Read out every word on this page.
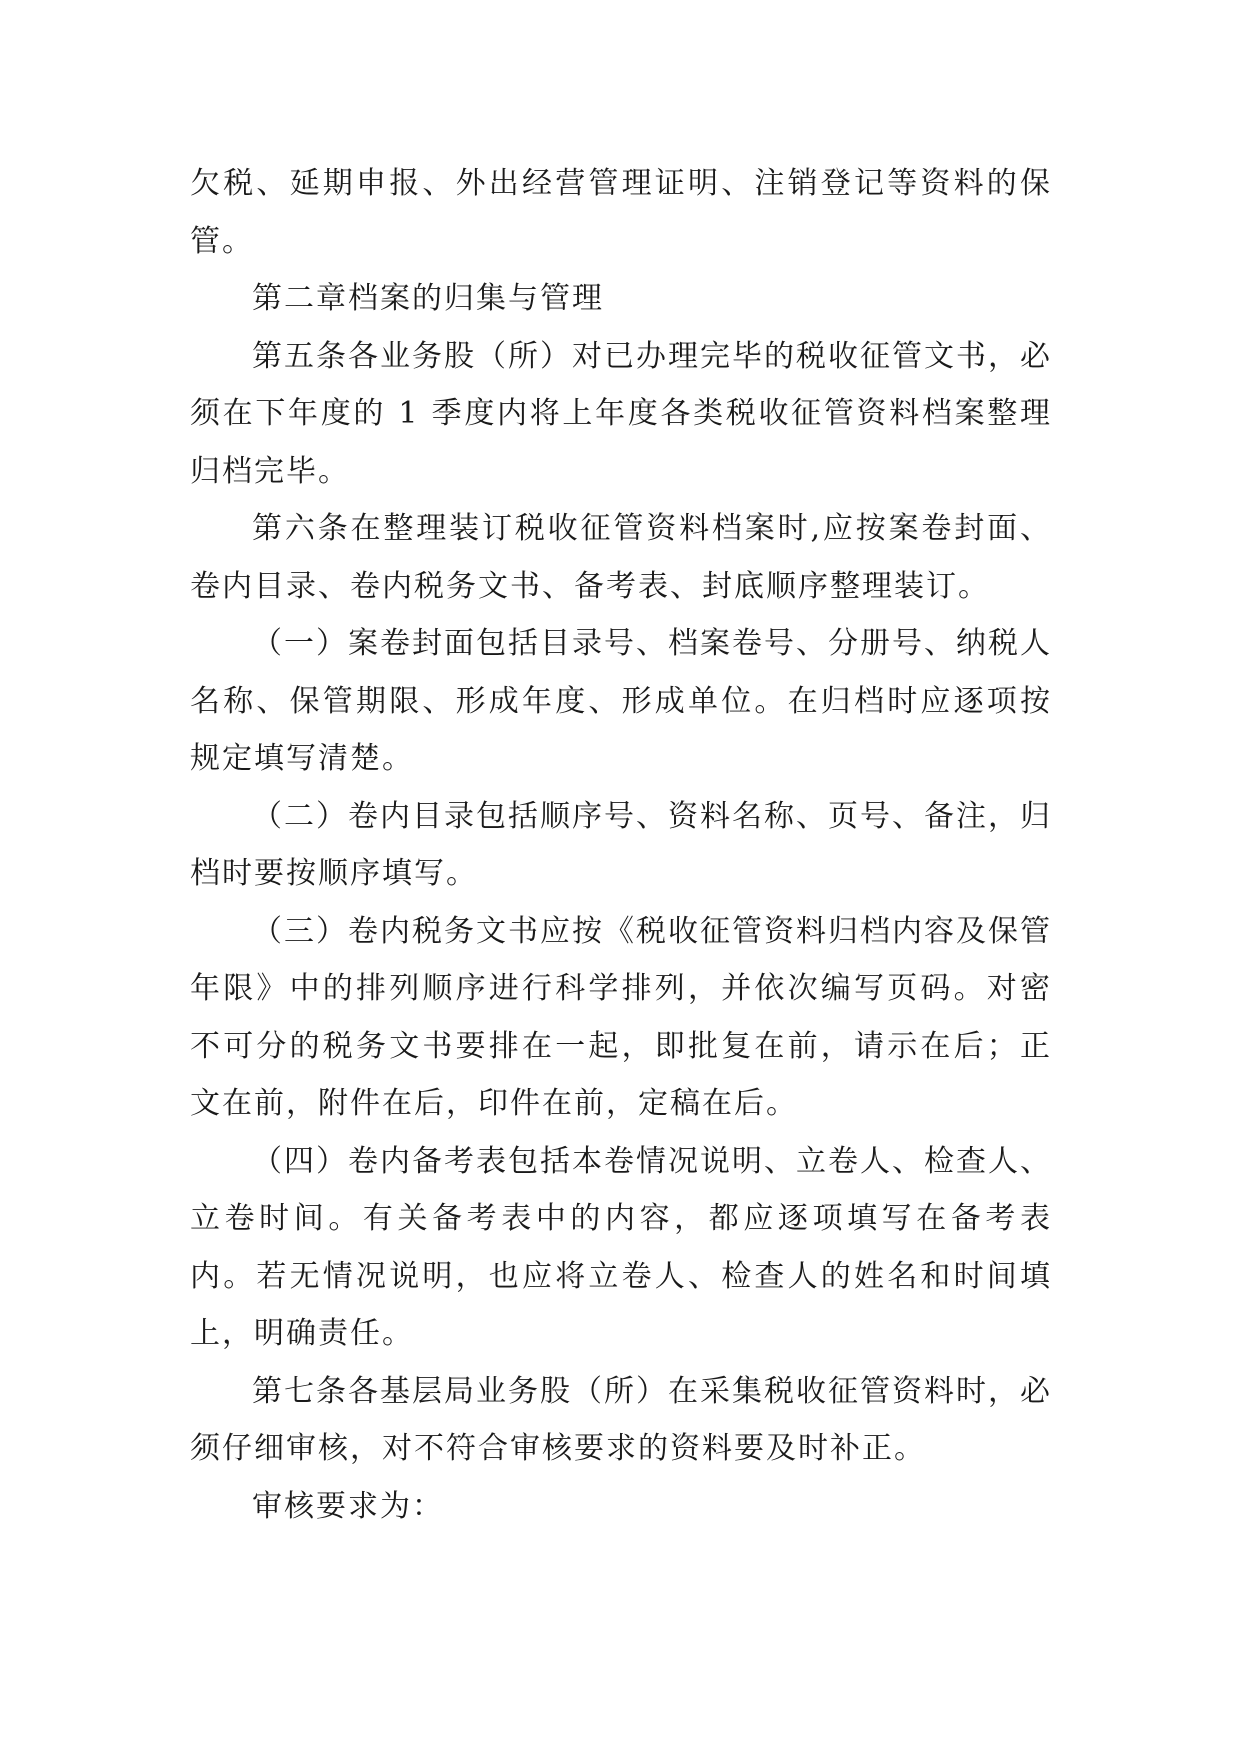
欠税、延期申报、外出经营管理证明、注销登记等资料的保管。

第二章档案的归集与管理

第五条各业务股（所）对已办理完毕的税收征管文书，必须在下年度的 1 季度内将上年度各类税收征管资料档案整理归档完毕。

第六条在整理装订税收征管资料档案时,应按案卷封面、卷内目录、卷内税务文书、备考表、封底顺序整理装订。

（一）案卷封面包括目录号、档案卷号、分册号、纳税人名称、保管期限、形成年度、形成单位。在归档时应逐项按规定填写清楚。

（二）卷内目录包括顺序号、资料名称、页号、备注，归档时要按顺序填写。

（三）卷内税务文书应按《税收征管资料归档内容及保管年限》中的排列顺序进行科学排列，并依次编写页码。对密不可分的税务文书要排在一起，即批复在前，请示在后；正文在前，附件在后，印件在前，定稿在后。

（四）卷内备考表包括本卷情况说明、立卷人、检查人、立卷时间。有关备考表中的内容，都应逐项填写在备考表内。若无情况说明，也应将立卷人、检查人的姓名和时间填上，明确责任。

第七条各基层局业务股（所）在采集税收征管资料时，必须仔细审核，对不符合审核要求的资料要及时补正。

审核要求为：
